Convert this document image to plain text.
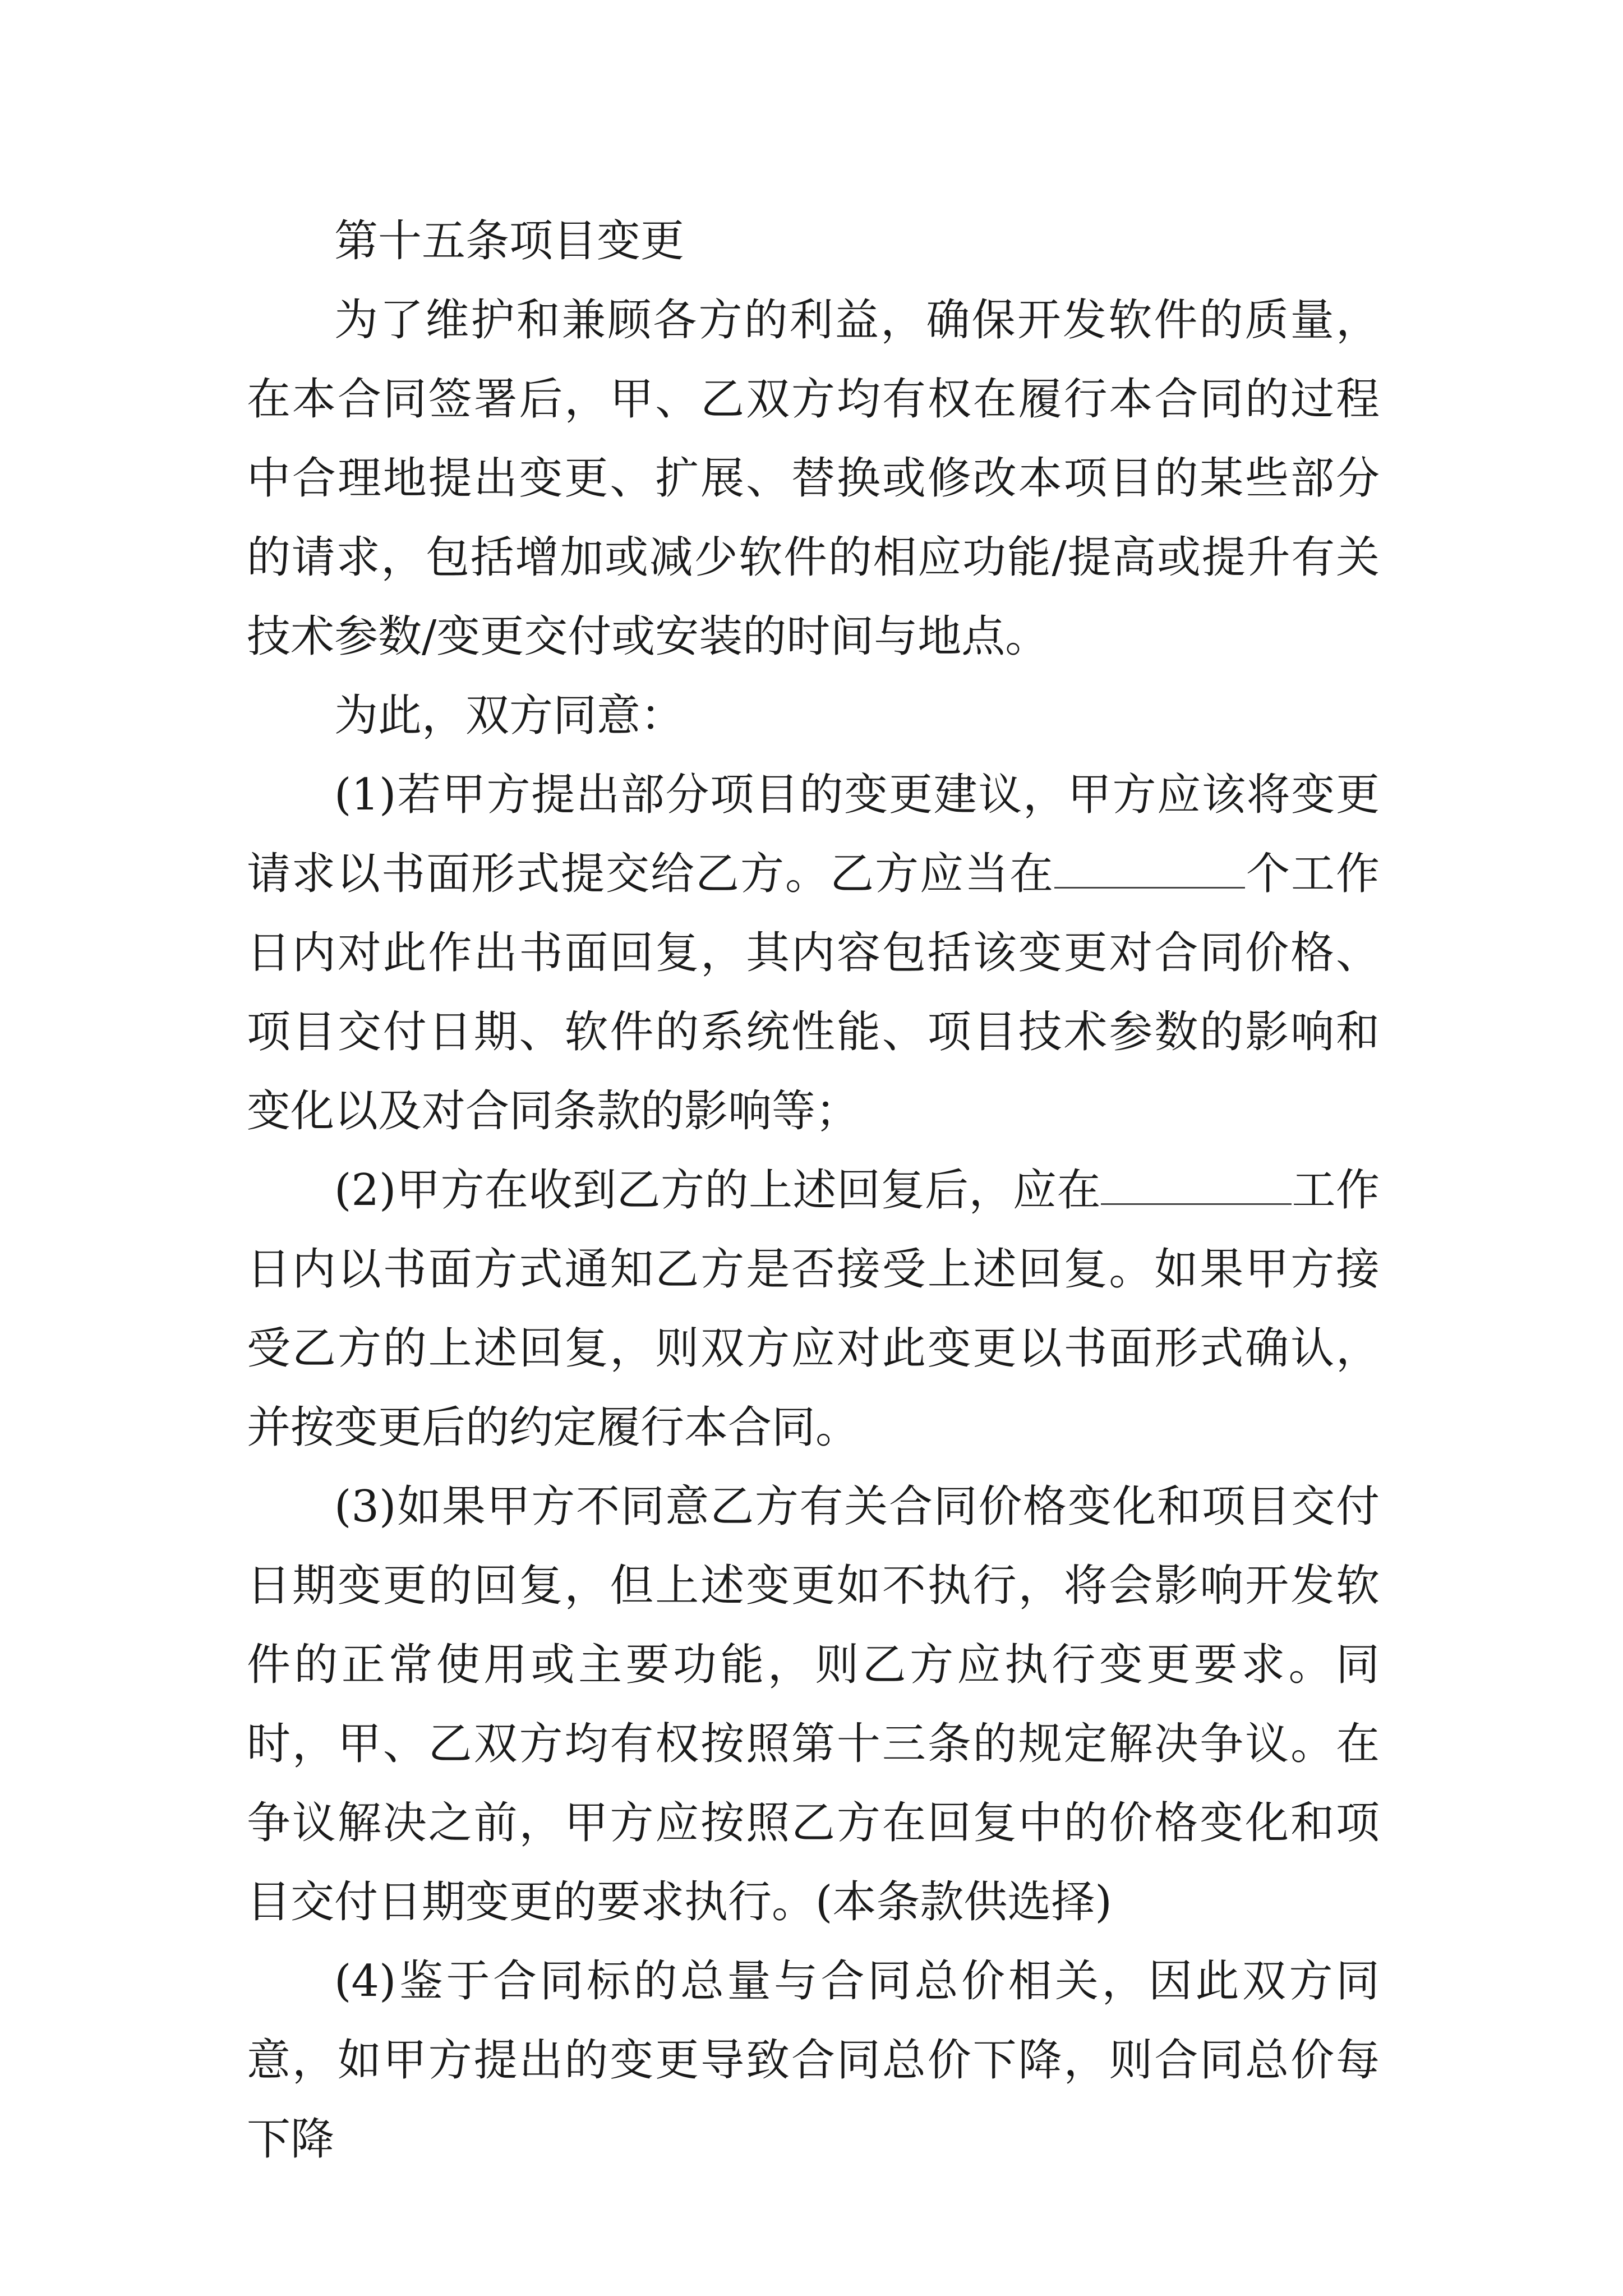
第十五条项目变更

为了维护和兼顾各方的利益，确保开发软件的质量，在本合同签署后，甲、乙双方均有权在履行本合同的过程中合理地提出变更、扩展、替换或修改本项目的某些部分的请求，包括增加或减少软件的相应功能/提高或提升有关技术参数/变更交付或安装的时间与地点。

为此，双方同意：

(1)若甲方提出部分项目的变更建议，甲方应该将变更请求以书面形式提交给乙方。乙方应当在	个工作日内对此作出书面回复，其内容包括该变更对合同价格、项目交付日期、软件的系统性能、项目技术参数的影响和变化以及对合同条款的影响等；

(2)甲方在收到乙方的上述回复后，应在	工作日内以书面方式通知乙方是否接受上述回复。如果甲方接受乙方的上述回复，则双方应对此变更以书面形式确认，并按变更后的约定履行本合同。

(3)如果甲方不同意乙方有关合同价格变化和项目交付日期变更的回复，但上述变更如不执行，将会影响开发软件的正常使用或主要功能，则乙方应执行变更要求。同时，甲、乙双方均有权按照第十三条的规定解决争议。在争议解决之前，甲方应按照乙方在回复中的价格变化和项目交付日期变更的要求执行。(本条款供选择)

(4)鉴于合同标的总量与合同总价相关，因此双方同意，如甲方提出的变更导致合同总价下降，则合同总价每下降
